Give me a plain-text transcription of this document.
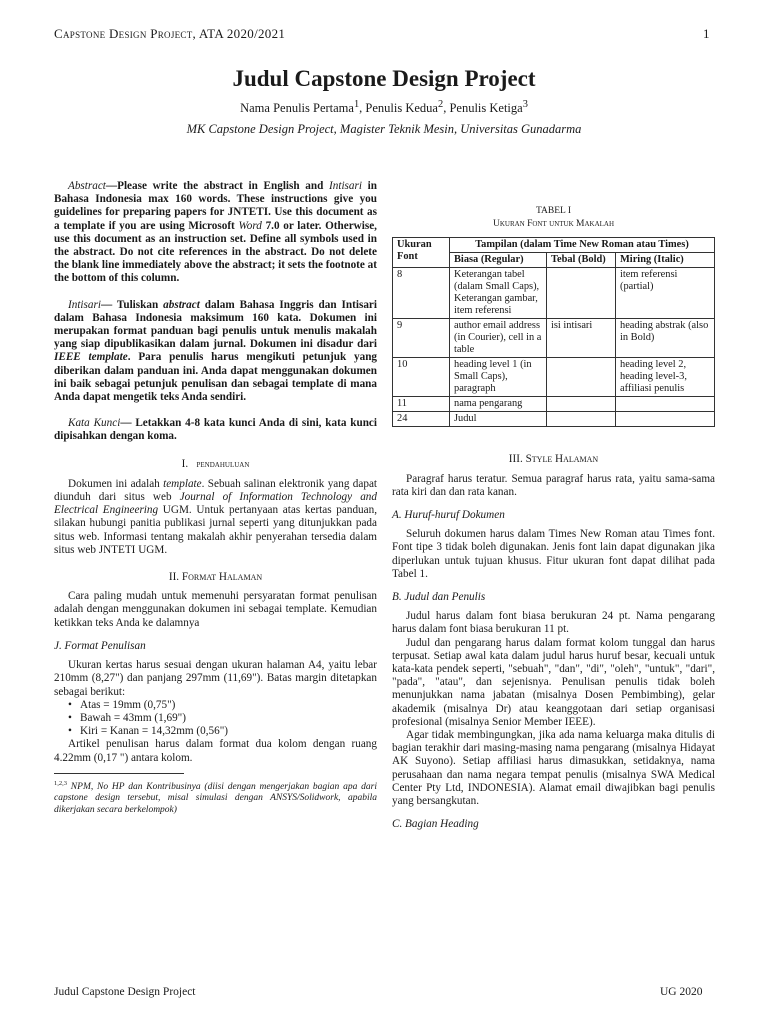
Capstone Design Project, ATA 2020/2021	1
Judul Capstone Design Project
Nama Penulis Pertama$^1$, Penulis Kedua$^2$, Penulis Ketiga$^3$
MK Capstone Design Project, Magister Teknik Mesin, Universitas Gunadarma

Abstract—Please write the abstract in English and Intisari in Bahasa Indonesia max 160 words. These instructions give you guidelines for preparing papers for JNTETI. Use this document as a template if you are using Microsoft Word 7.0 or later. Otherwise, use this document as an instruction set. Define all symbols used in the abstract. Do not cite references in the abstract. Do not delete the blank line immediately above the abstract; it sets the footnote at the bottom of this column.

Intisari— Tuliskan abstract dalam Bahasa Inggris dan Intisari dalam Bahasa Indonesia maksimum 160 kata. Dokumen ini merupakan format panduan bagi penulis untuk menulis makalah yang siap dipublikasikan dalam jurnal. Dokumen ini disadur dari IEEE template. Para penulis harus mengikuti petunjuk yang diberikan dalam panduan ini. Anda dapat menggunakan dokumen ini baik sebagai petunjuk penulisan dan sebagai template di mana Anda dapat mengetik teks Anda sendiri.

Kata Kunci— Letakkan 4-8 kata kunci Anda di sini, kata kunci dipisahkan dengan koma.

I. pendahuluan

Dokumen ini adalah template. Sebuah salinan elektronik yang dapat diunduh dari situs web Journal of Information Technology and Electrical Engineering UGM. Untuk pertanyaan atas kertas panduan, silakan hubungi panitia publikasi jurnal seperti yang ditunjukkan pada situs web. Informasi tentang makalah akhir penyerahan tersedia dalam situs web JNTETI UGM.

II. Format Halaman

Cara paling mudah untuk memenuhi persyaratan format penulisan adalah dengan menggunakan dokumen ini sebagai template. Kemudian ketikkan teks Anda ke dalamnya

J. Format Penulisan

Ukuran kertas harus sesuai dengan ukuran halaman A4, yaitu lebar 210mm (8,27") dan panjang 297mm (11,69"). Batas margin ditetapkan sebagai berikut:

• Atas = 19mm (0,75")
• Bawah = 43mm (1,69")
• Kiri = Kanan = 14,32mm (0,56")

Artikel penulisan harus dalam format dua kolom dengan ruang 4.22mm (0,17 ") antara kolom.

$^{1,2,3}$ NPM, No HP dan Kontribusinya (diisi dengan mengerjakan bagian apa dari capstone design tersebut, misal simulasi dengan ANSYS/Solidwork, apabila dikerjakan secara berkelompok)
TABEL I
Ukuran Font untuk Makalah
Ukuran Font	Tampilan (dalam Time New Roman atau Times)		
	Biasa (Regular)	Tebal (Bold)	Miring (Italic)
8	Keterangan tabel (dalam Small Caps), Keterangan gambar, item referensi		item referensi (partial)
9	author email address (in Courier), cell in a table	isi intisari	heading abstrak (also in Bold)
10	heading level 1 (in Small Caps), paragraph		heading level 2, heading level-3, affiliasi penulis
11	nama pengarang		
24	Judul		
III. Style Halaman

Paragraf harus teratur. Semua paragraf harus rata, yaitu sama-sama rata kiri dan dan rata kanan.

A. Huruf-huruf Dokumen

Seluruh dokumen harus dalam Times New Roman atau Times font. Font tipe 3 tidak boleh digunakan. Jenis font lain dapat digunakan jika diperlukan untuk tujuan khusus. Fitur ukuran font dapat dilihat pada Tabel 1.

B. Judul dan Penulis

Judul harus dalam font biasa berukuran 24 pt. Nama pengarang harus dalam font biasa berukuran 11 pt.

Judul dan pengarang harus dalam format kolom tunggal dan harus terpusat. Setiap awal kata dalam judul harus huruf besar, kecuali untuk kata-kata pendek seperti, "sebuah", "dan", "di", "oleh", "untuk", "dari", "pada", "atau", dan sejenisnya. Penulisan penulis tidak boleh menunjukkan nama jabatan (misalnya Dosen Pembimbing), gelar akademik (misalnya Dr) atau keanggotaan dari setiap organisasi profesional (misalnya Senior Member IEEE).

Agar tidak membingungkan, jika ada nama keluarga maka ditulis di bagian terakhir dari masing-masing nama pengarang (misalnya Hidayat AK Suyono). Setiap affiliasi harus dimasukkan, setidaknya, nama perusahaan dan nama negara tempat penulis (misalnya SWA Medical Center Pty Ltd, INDONESIA). Alamat email diwajibkan bagi penulis yang bersangkutan.

C. Bagian Heading
Judul Capstone Design Project	UG 2020
